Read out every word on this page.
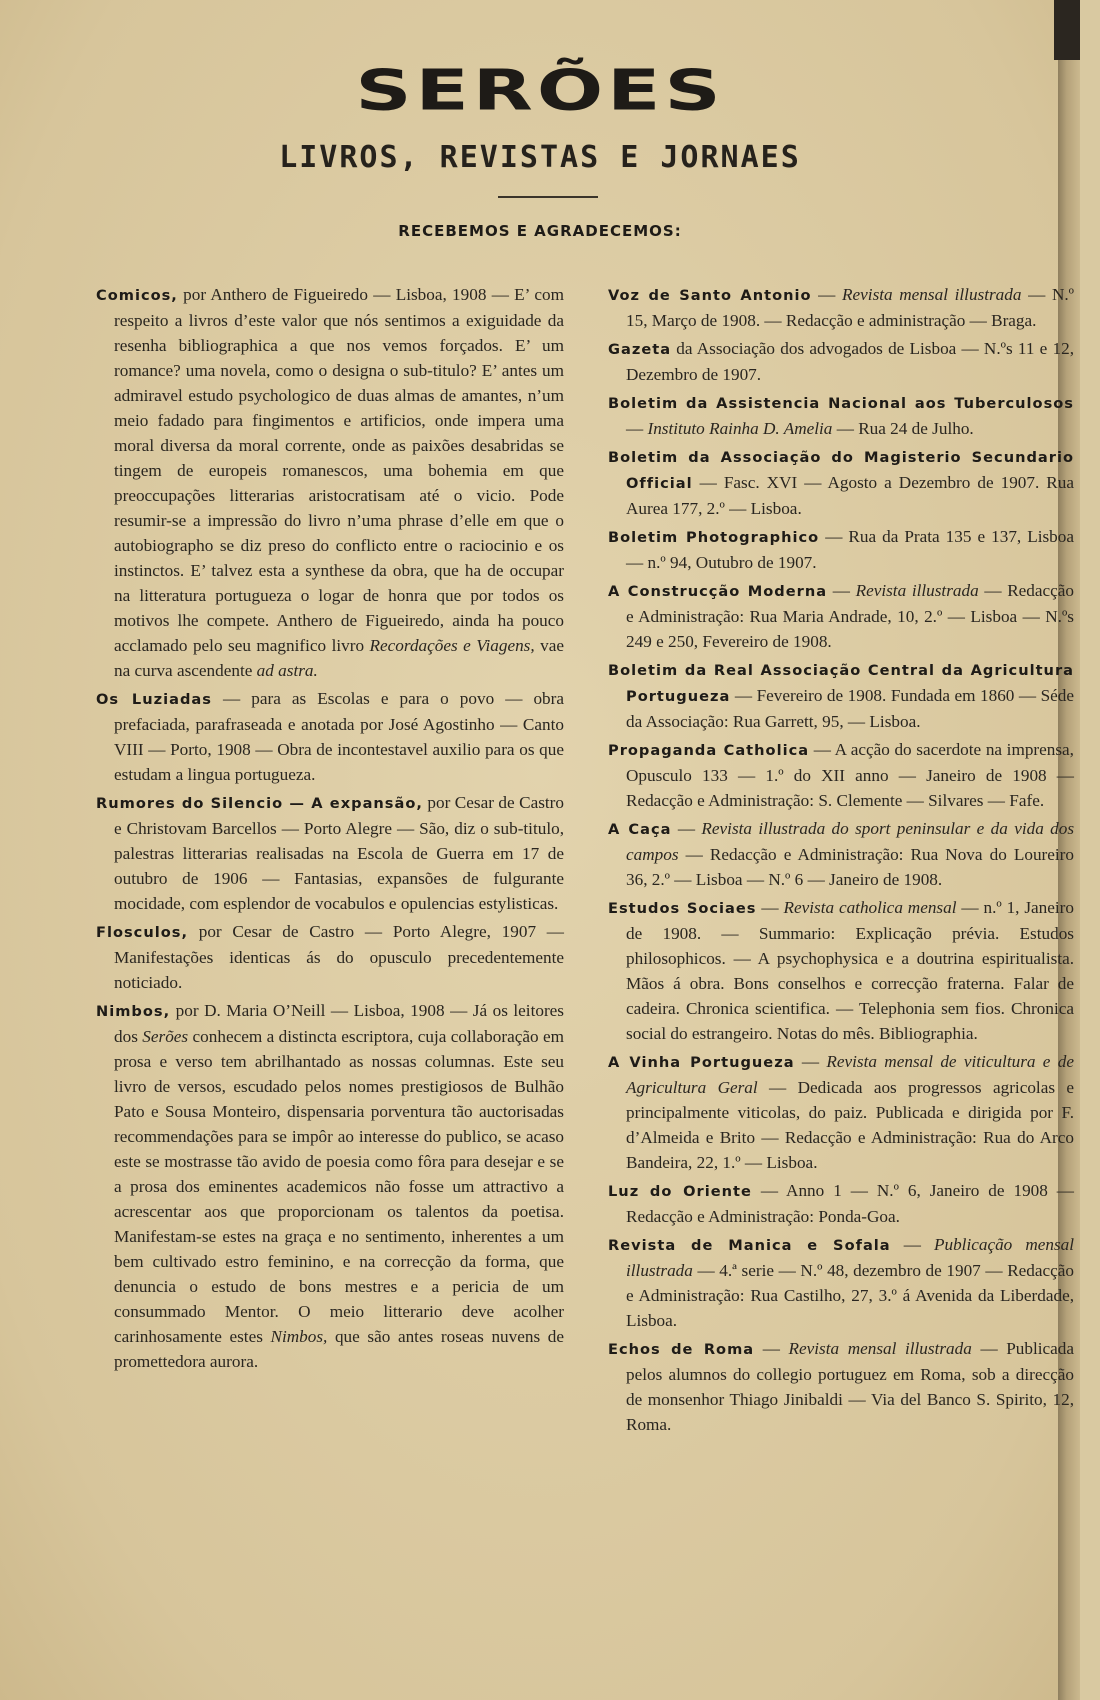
SERÕES
LIVROS, REVISTAS E JORNAES
RECEBEMOS E AGRADECEMOS:

Comicos, por Anthero de Figueiredo — Lisboa, 1908 — E’ com respeito a livros d’este valor que nós sentimos a exiguidade da resenha bibliographica a que nos vemos forçados. E’ um romance? uma novela, como o designa o sub-titulo? E’ antes um admiravel estudo psychologico de duas almas de amantes, n’um meio fadado para fingimentos e artificios, onde impera uma moral diversa da moral corrente, onde as paixões desabridas se tingem de europeis romanescos, uma bohemia em que preoccupações litterarias aristocratisam até o vicio. Pode resumir-se a impressão do livro n’uma phrase d’elle em que o autobiographo se diz preso do conflicto entre o raciocinio e os instinctos. E’ talvez esta a synthese da obra, que ha de occupar na litteratura portugueza o logar de honra que por todos os motivos lhe compete. Anthero de Figueiredo, ainda ha pouco acclamado pelo seu magnifico livro Recordações e Viagens, vae na curva ascendente ad astra.

Os Luziadas — para as Escolas e para o povo — obra prefaciada, parafraseada e anotada por José Agostinho — Canto VIII — Porto, 1908 — Obra de incontestavel auxilio para os que estudam a lingua portugueza.

Rumores do Silencio — A expansão, por Cesar de Castro e Christovam Barcellos — Porto Alegre — São, diz o sub-titulo, palestras litterarias realisadas na Escola de Guerra em 17 de outubro de 1906 — Fantasias, expansões de fulgurante mocidade, com esplendor de vocabulos e opulencias estylisticas.

Flosculos, por Cesar de Castro — Porto Alegre, 1907 — Manifestações identicas ás do opusculo precedentemente noticiado.

Nimbos, por D. Maria O’Neill — Lisboa, 1908 — Já os leitores dos Serões conhecem a distincta escriptora, cuja collaboração em prosa e verso tem abrilhantado as nossas columnas. Este seu livro de versos, escudado pelos nomes prestigiosos de Bulhão Pato e Sousa Monteiro, dispensaria porventura tão auctorisadas recommendações para se impôr ao interesse do publico, se acaso este se mostrasse tão avido de poesia como fôra para desejar e se a prosa dos eminentes academicos não fosse um attractivo a acrescentar aos que proporcionam os talentos da poetisa. Manifestam-se estes na graça e no sentimento, inherentes a um bem cultivado estro feminino, e na correcção da forma, que denuncia o estudo de bons mestres e a pericia de um consummado Mentor. O meio litterario deve acolher carinhosamente estes Nimbos, que são antes roseas nuvens de promettedora aurora.

Voz de Santo Antonio — Revista mensal illustrada — N.º 15, Março de 1908. — Redacção e administração — Braga.

Gazeta da Associação dos advogados de Lisboa — N.ºs 11 e 12, Dezembro de 1907.

Boletim da Assistencia Nacional aos Tuberculosos — Instituto Rainha D. Amelia — Rua 24 de Julho.

Boletim da Associação do Magisterio Secundario Official — Fasc. XVI — Agosto a Dezembro de 1907. Rua Aurea 177, 2.º — Lisboa.

Boletim Photographico — Rua da Prata 135 e 137, Lisboa — n.º 94, Outubro de 1907.

A Construcção Moderna — Revista illustrada — Redacção e Administração: Rua Maria Andrade, 10, 2.º — Lisboa — N.ºs 249 e 250, Fevereiro de 1908.

Boletim da Real Associação Central da Agricultura Portugueza — Fevereiro de 1908. Fundada em 1860 — Séde da Associação: Rua Garrett, 95, — Lisboa.

Propaganda Catholica — A acção do sacerdote na imprensa, Opusculo 133 — 1.º do XII anno — Janeiro de 1908 — Redacção e Administração: S. Clemente — Silvares — Fafe.

A Caça — Revista illustrada do sport peninsular e da vida dos campos — Redacção e Administração: Rua Nova do Loureiro 36, 2.º — Lisboa — N.º 6 — Janeiro de 1908.

Estudos Sociaes — Revista catholica mensal — n.º 1, Janeiro de 1908. — Summario: Explicação prévia. Estudos philosophicos. — A psychophysica e a doutrina espiritualista. Mãos á obra. Bons conselhos e correcção fraterna. Falar de cadeira. Chronica scientifica. — Telephonia sem fios. Chronica social do estrangeiro. Notas do mês. Bibliographia.

A Vinha Portugueza — Revista mensal de viticultura e de Agricultura Geral — Dedicada aos progressos agricolas e principalmente viticolas, do paiz. Publicada e dirigida por F. d’Almeida e Brito — Redacção e Administração: Rua do Arco Bandeira, 22, 1.º — Lisboa.

Luz do Oriente — Anno 1 — N.º 6, Janeiro de 1908 — Redacção e Administração: Ponda-Goa.

Revista de Manica e Sofala — Publicação mensal illustrada — 4.ª serie — N.º 48, dezembro de 1907 — Redacção e Administração: Rua Castilho, 27, 3.º á Avenida da Liberdade, Lisboa.

Echos de Roma — Revista mensal illustrada — Publicada pelos alumnos do collegio portuguez em Roma, sob a direcção de monsenhor Thiago Jinibaldi — Via del Banco S. Spirito, 12, Roma.
